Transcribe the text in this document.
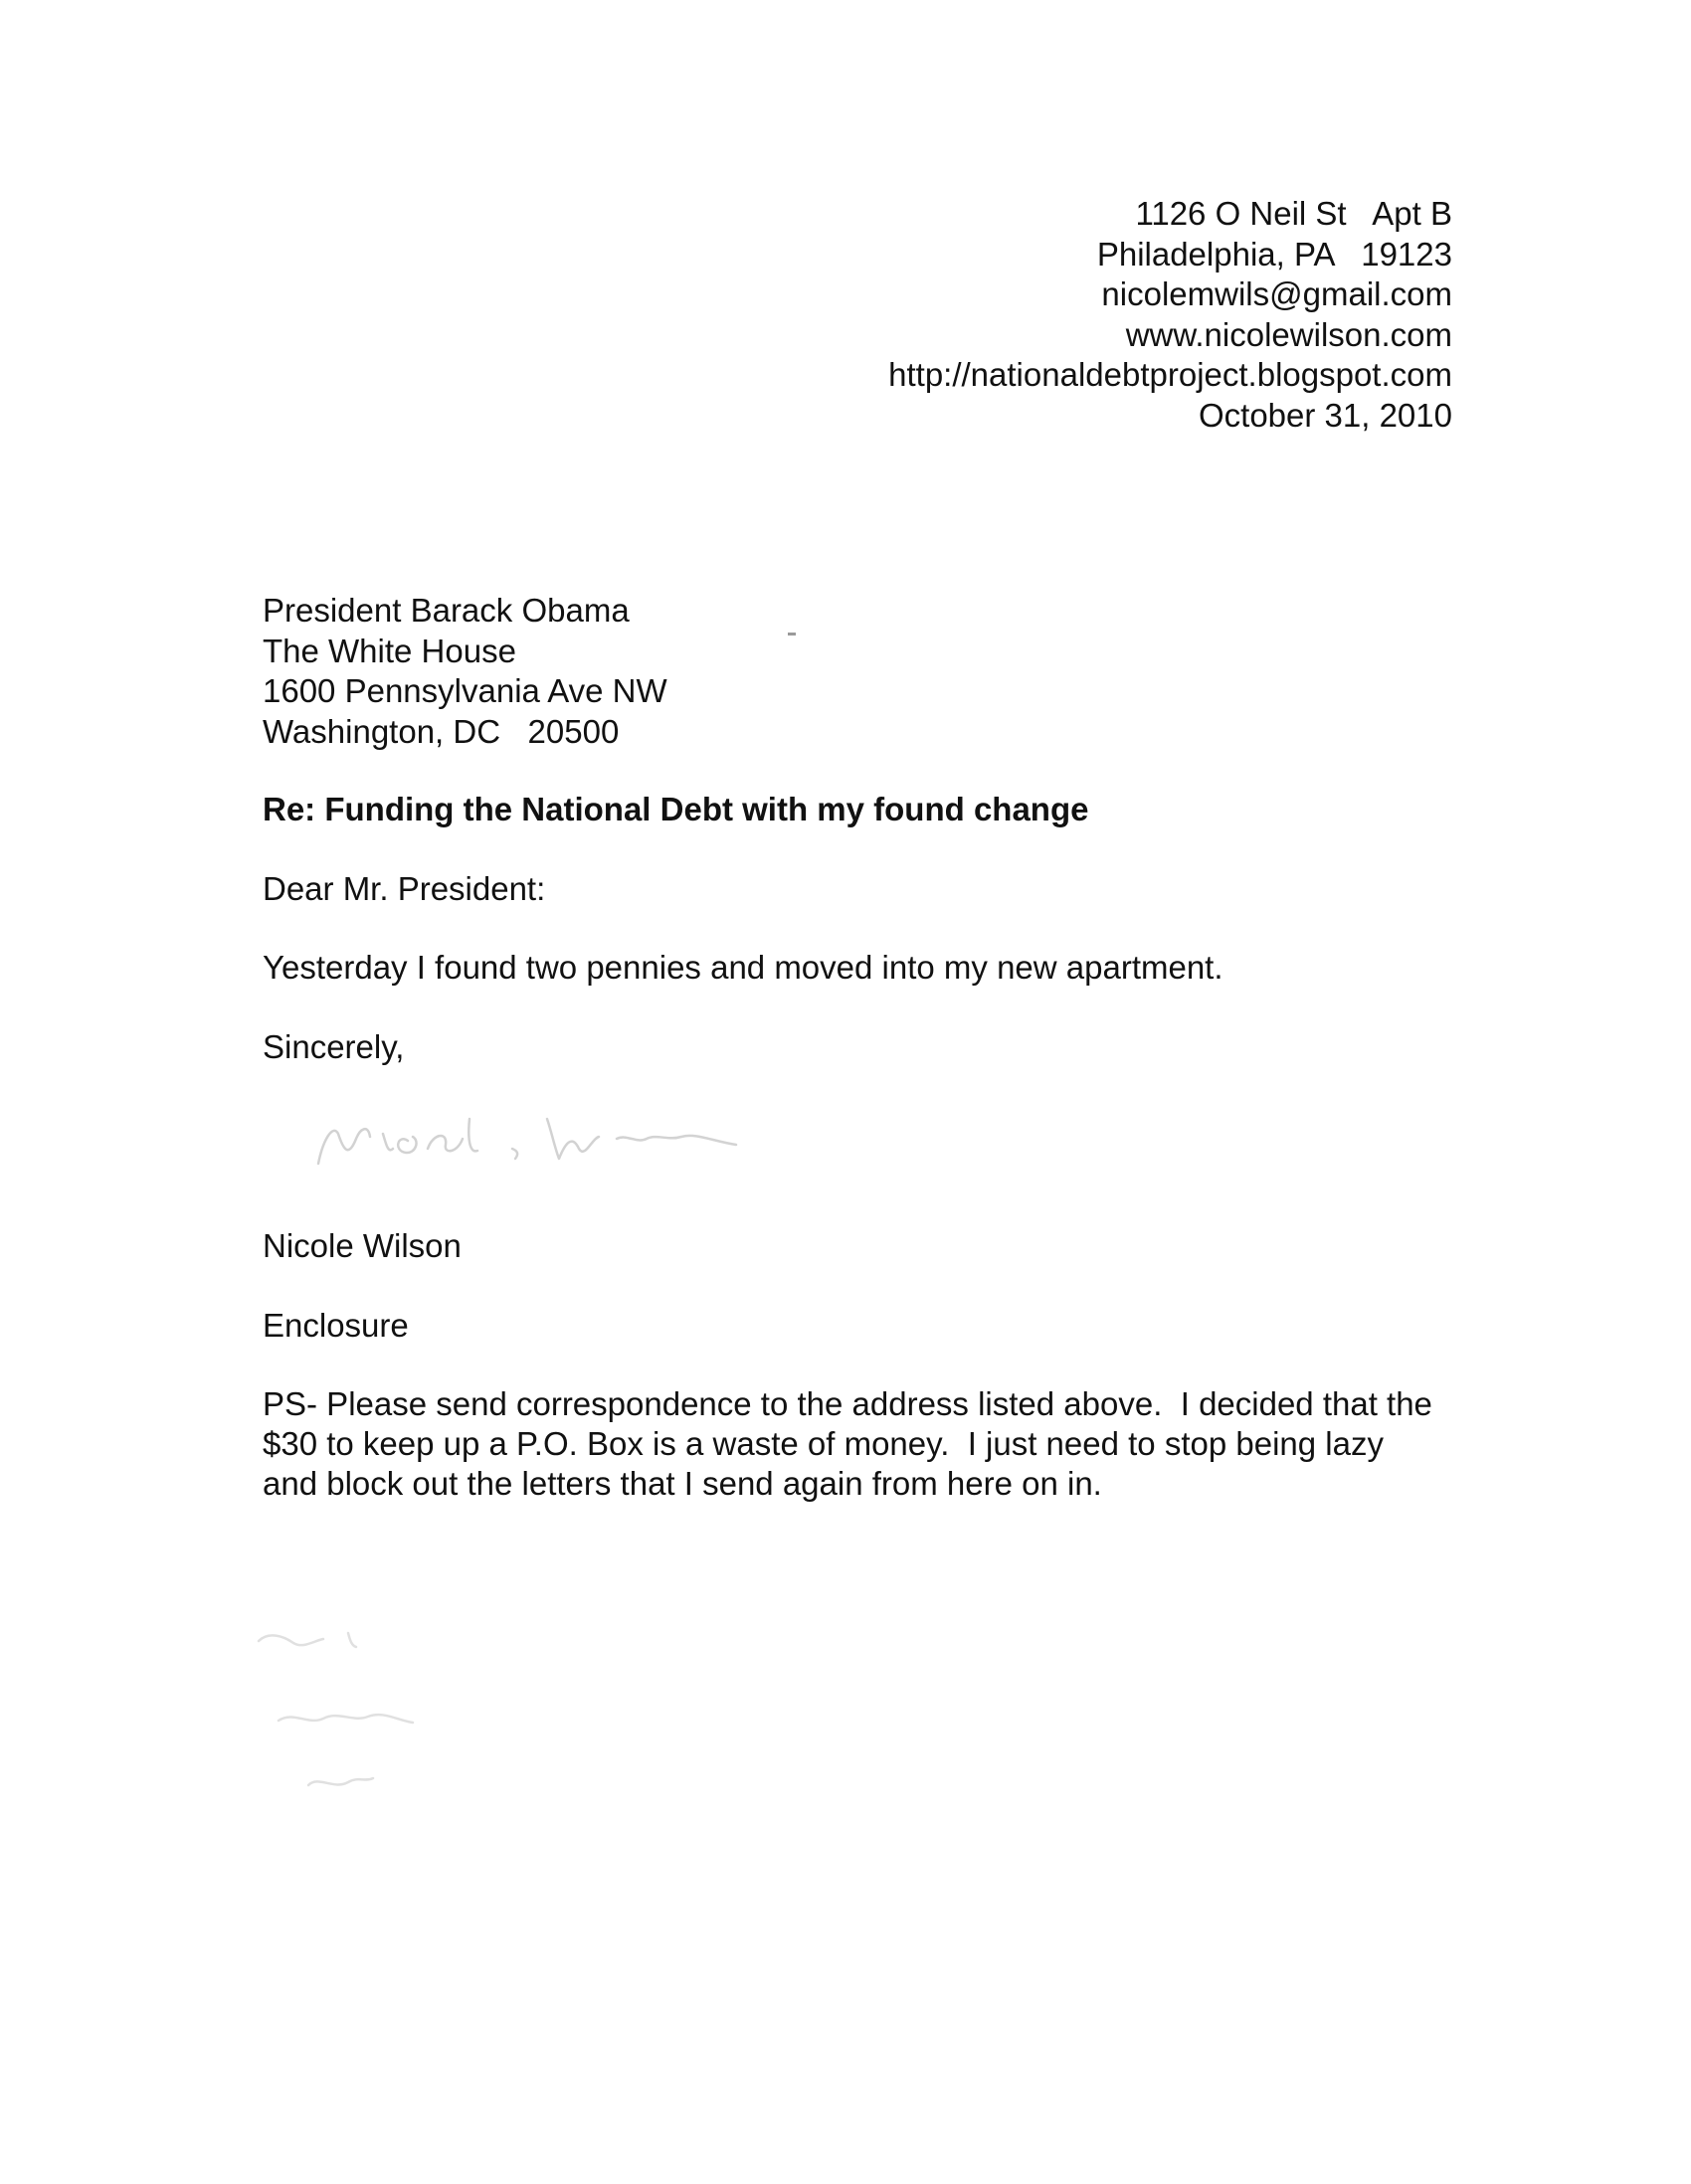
1126 O Neil St   Apt B
Philadelphia, PA   19123
nicolemwils@gmail.com
www.nicolewilson.com
http://nationaldebtproject.blogspot.com
October 31, 2010
President Barack Obama
The White House
1600 Pennsylvania Ave NW
Washington, DC   20500
Re: Funding the National Debt with my found change
Dear Mr. President:
Yesterday I found two pennies and moved into my new apartment.
Sincerely,
Nicole Wilson
Enclosure
PS- Please send correspondence to the address listed above.  I decided that the
$30 to keep up a P.O. Box is a waste of money.  I just need to stop being lazy
and block out the letters that I send again from here on in.
